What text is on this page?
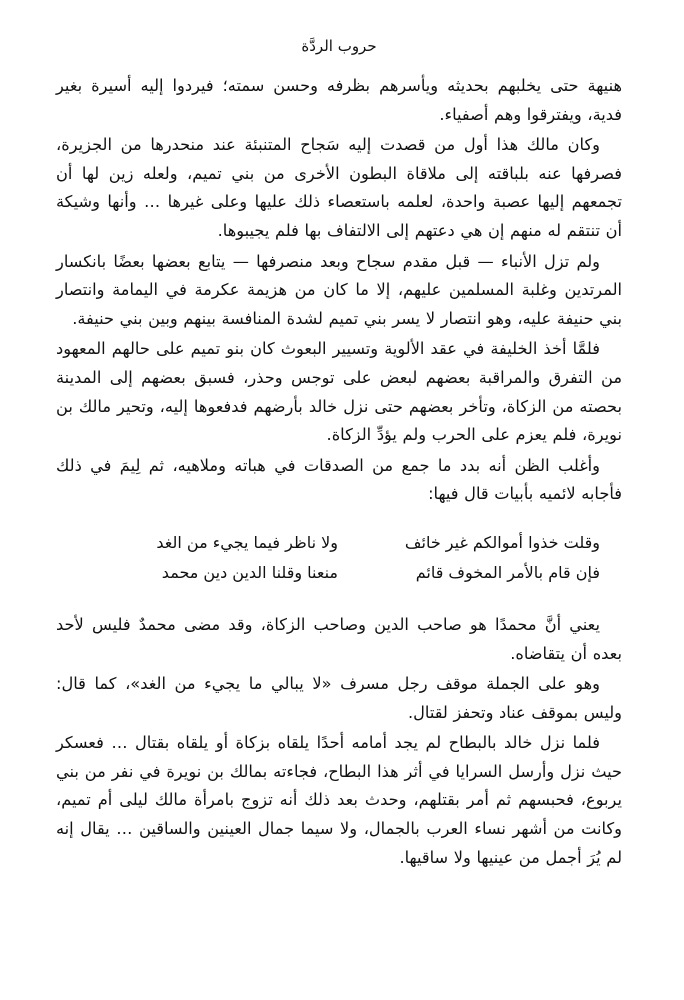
حروب الردَّة

هنيهة حتى يخلبهم بحديثه ويأسرهم بظرفه وحسن سمته؛ فيردوا إليه أسيرة بغير فدية، ويفترقوا وهم أصفياء.

وكان مالك هذا أول من قصدت إليه سَجاح المتنبئة عند منحدرها من الجزيرة، فصرفها عنه بلباقته إلى ملاقاة البطون الأخرى من بني تميم، ولعله زين لها أن تجمعهم إليها عصبة واحدة، لعلمه باستعصاء ذلك عليها وعلى غيرها … وأنها وشيكة أن تنتقم له منهم إن هي دعتهم إلى الالتفاف بها فلم يجيبوها.

ولم تزل الأنباء — قبل مقدم سجاح وبعد منصرفها — يتابع بعضها بعضًا بانكسار المرتدين وغلبة المسلمين عليهم، إلا ما كان من هزيمة عكرمة في اليمامة وانتصار بني حنيفة عليه، وهو انتصار لا يسر بني تميم لشدة المنافسة بينهم وبين بني حنيفة.

فلمَّا أخذ الخليفة في عقد الألوية وتسيير البعوث كان بنو تميم على حالهم المعهود من التفرق والمراقبة بعضهم لبعض على توجس وحذر، فسبق بعضهم إلى المدينة بحصته من الزكاة، وتأخر بعضهم حتى نزل خالد بأرضهم فدفعوها إليه، وتحير مالك بن نويرة، فلم يعزم على الحرب ولم يؤدِّ الزكاة.

وأغلب الظن أنه بدد ما جمع من الصدقات في هباته وملاهيه، ثم لِيمَ في ذلك فأجابه لائميه بأبيات قال فيها:

وقلت خذوا أموالكم غير خائف
ولا ناظر فيما يجيء من الغد
فإن قام بالأمر المخوف قائم
منعنا وقلنا الدين دين محمد

يعني أنَّ محمدًا هو صاحب الدين وصاحب الزكاة، وقد مضى محمدٌ فليس لأحد بعده أن يتقاضاه.

وهو على الجملة موقف رجل مسرف «لا يبالي ما يجيء من الغد»، كما قال: وليس بموقف عناد وتحفز لقتال.

فلما نزل خالد بالبطاح لم يجد أمامه أحدًا يلقاه بزكاة أو يلقاه بقتال … فعسكر حيث نزل وأرسل السرايا في أثر هذا البطاح، فجاءته بمالك بن نويرة في نفر من بني يربوع، فحبسهم ثم أمر بقتلهم، وحدث بعد ذلك أنه تزوج بامرأة مالك ليلى أم تميم، وكانت من أشهر نساء العرب بالجمال، ولا سيما جمال العينين والساقين … يقال إنه لم يُرَ أجمل من عينيها ولا ساقيها.
